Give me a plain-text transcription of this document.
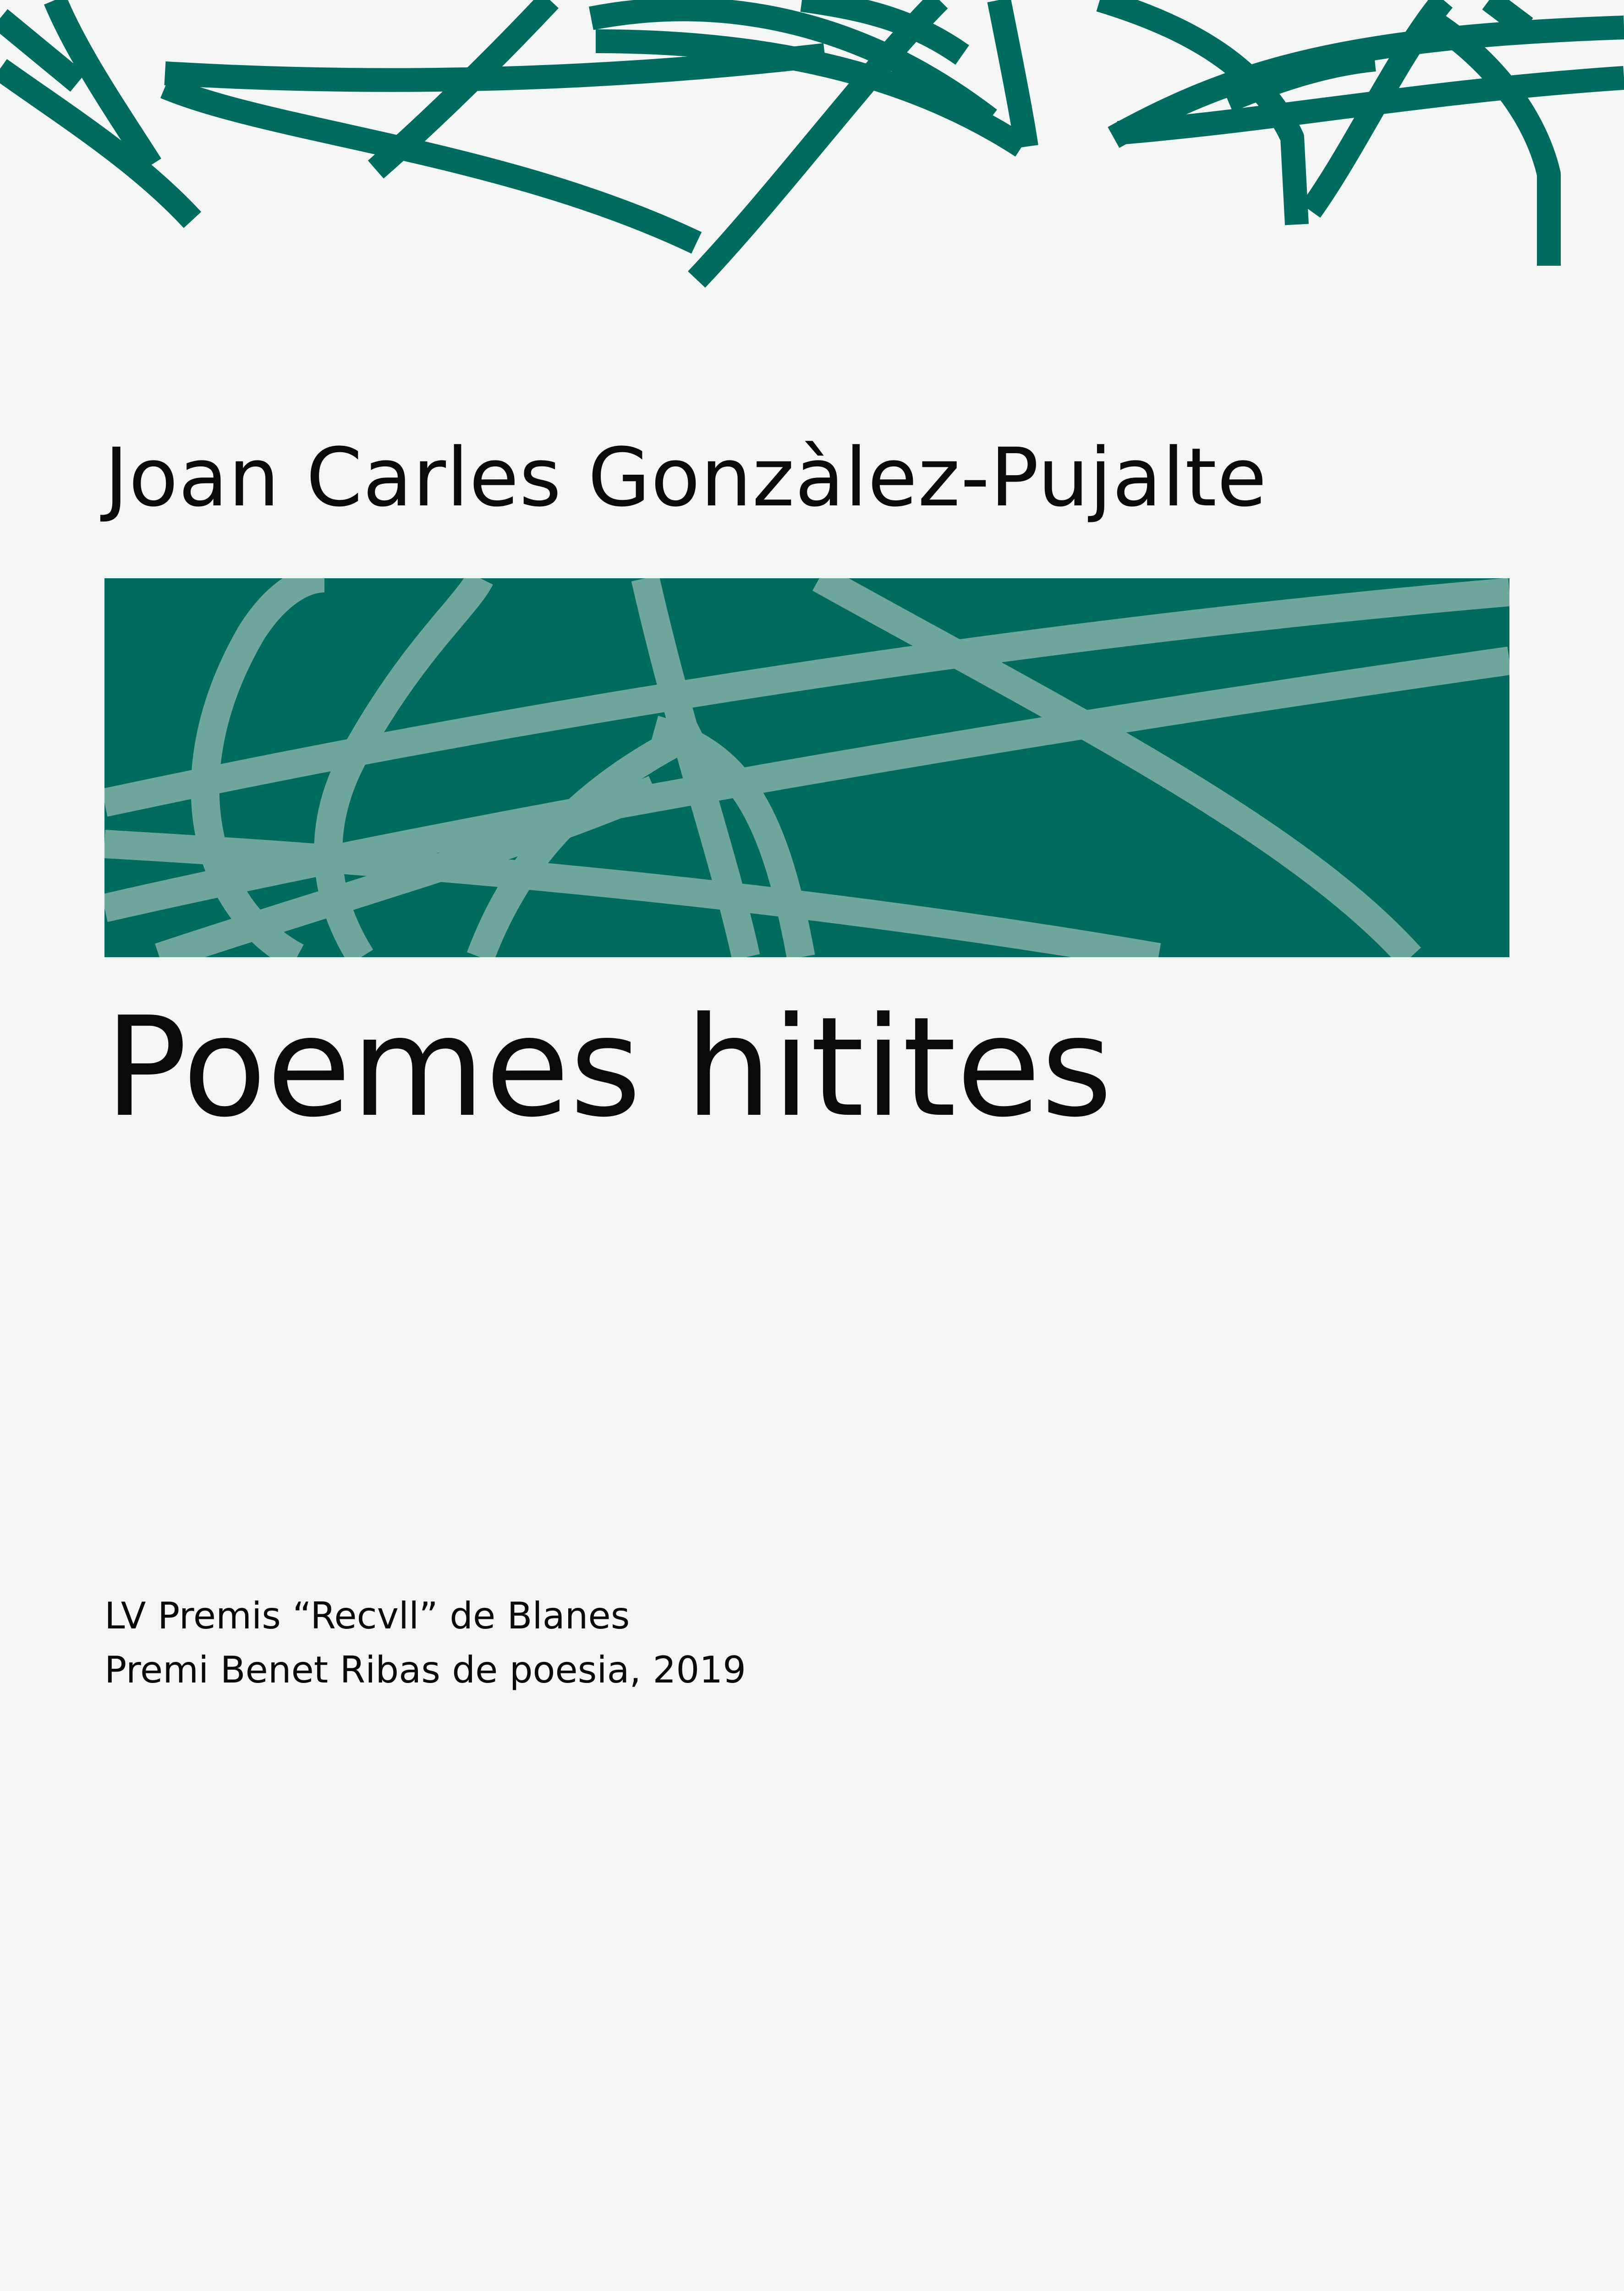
Joan Carles Gonzàlez-Pujalte
Poemes hitites
LV Premis “Recvll” de Blanes
Premi Benet Ribas de poesia, 2019
